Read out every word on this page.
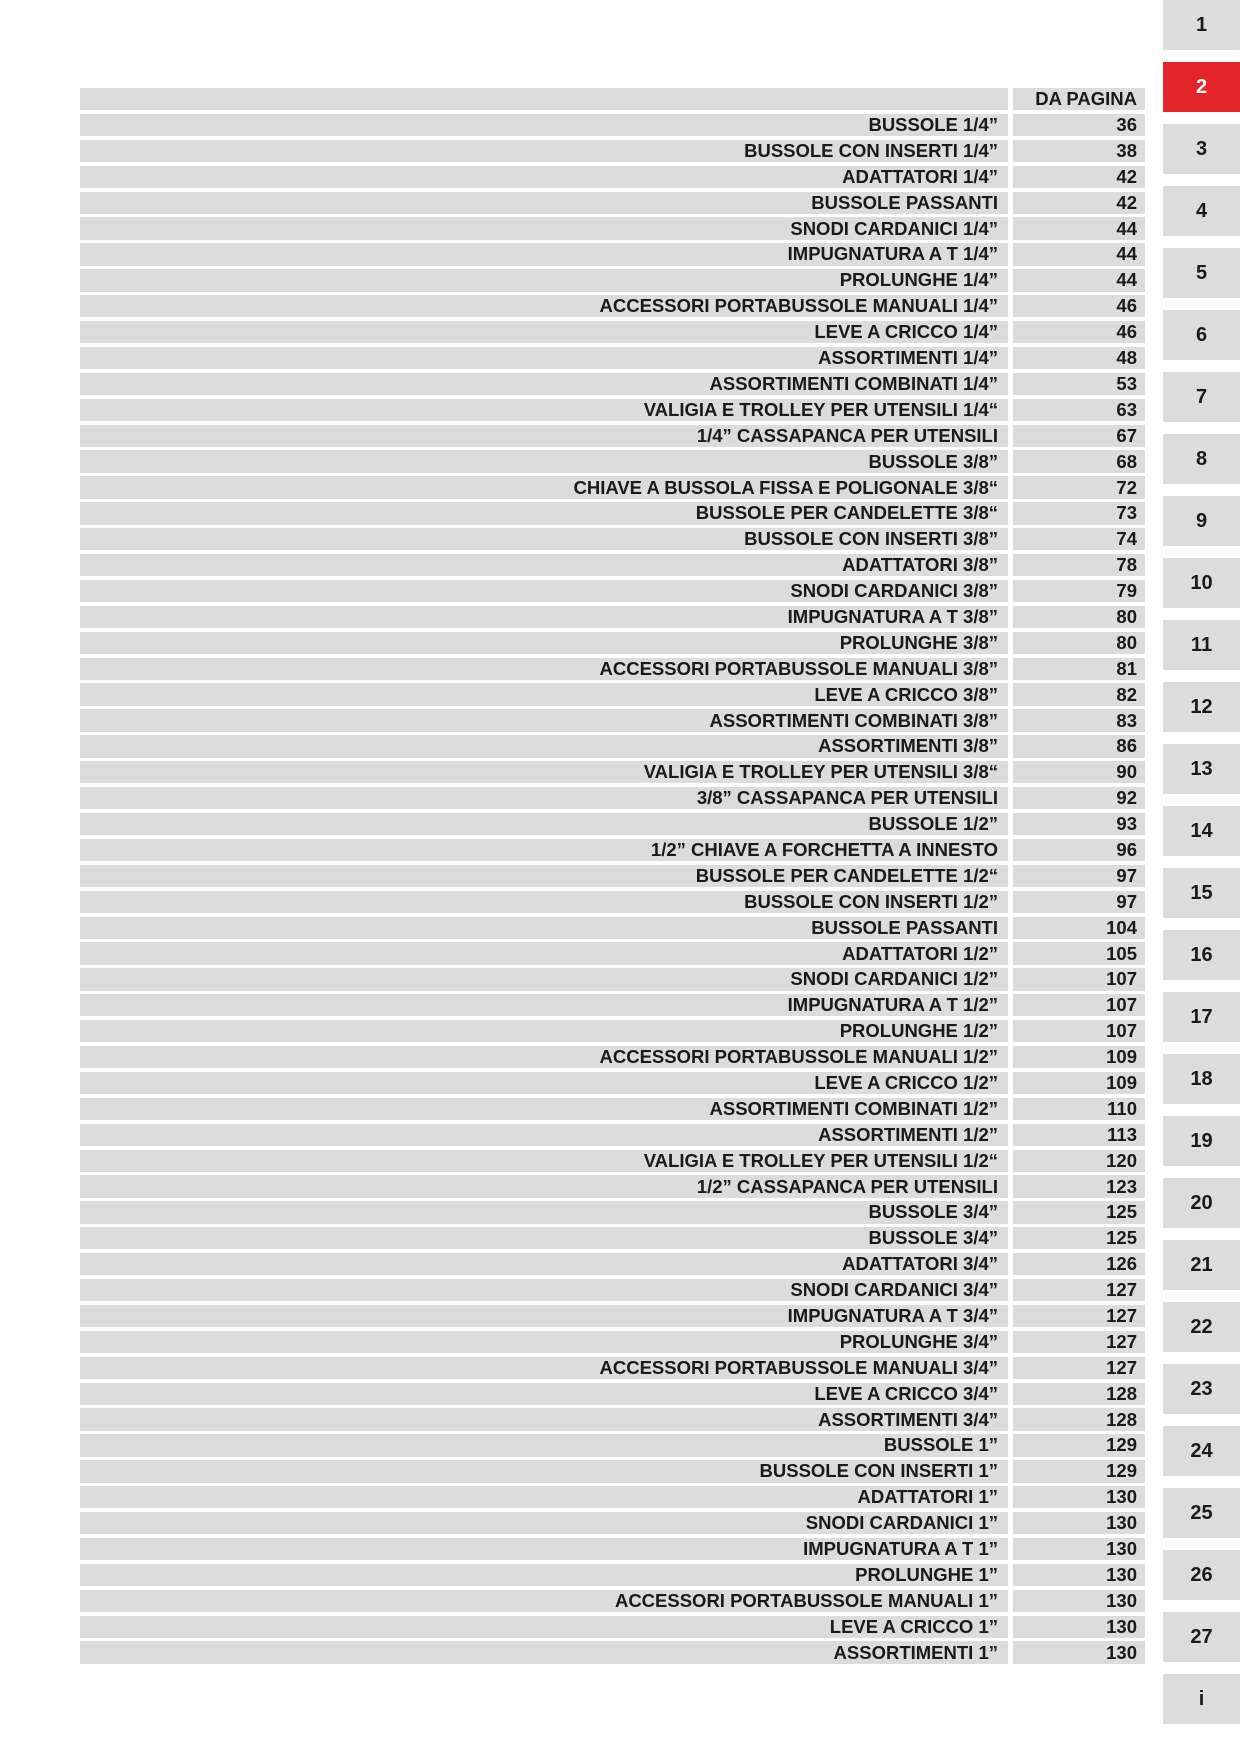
DA PAGINA
BUSSOLE 1/4”	36
BUSSOLE CON INSERTI 1/4”	38
ADATTATORI 1/4”	42
BUSSOLE PASSANTI	42
SNODI CARDANICI 1/4”	44
IMPUGNATURA A T 1/4”	44
PROLUNGHE 1/4”	44
ACCESSORI PORTABUSSOLE MANUALI 1/4”	46
LEVE A CRICCO 1/4”	46
ASSORTIMENTI 1/4”	48
ASSORTIMENTI COMBINATI 1/4”	53
VALIGIA E TROLLEY PER UTENSILI 1/4“	63
1/4” CASSAPANCA PER UTENSILI	67
BUSSOLE 3/8”	68
CHIAVE A BUSSOLA FISSA E POLIGONALE 3/8“	72
BUSSOLE PER CANDELETTE 3/8“	73
BUSSOLE CON INSERTI 3/8”	74
ADATTATORI 3/8”	78
SNODI CARDANICI 3/8”	79
IMPUGNATURA A T 3/8”	80
PROLUNGHE 3/8”	80
ACCESSORI PORTABUSSOLE MANUALI 3/8”	81
LEVE A CRICCO 3/8”	82
ASSORTIMENTI COMBINATI 3/8”	83
ASSORTIMENTI 3/8”	86
VALIGIA E TROLLEY PER UTENSILI 3/8“	90
3/8” CASSAPANCA PER UTENSILI	92
BUSSOLE 1/2”	93
1/2” CHIAVE A FORCHETTA A INNESTO	96
BUSSOLE PER CANDELETTE 1/2“	97
BUSSOLE CON INSERTI 1/2”	97
BUSSOLE PASSANTI	104
ADATTATORI 1/2”	105
SNODI CARDANICI 1/2”	107
IMPUGNATURA A T 1/2”	107
PROLUNGHE 1/2”	107
ACCESSORI PORTABUSSOLE MANUALI 1/2”	109
LEVE A CRICCO 1/2”	109
ASSORTIMENTI COMBINATI 1/2”	110
ASSORTIMENTI 1/2”	113
VALIGIA E TROLLEY PER UTENSILI 1/2“	120
1/2” CASSAPANCA PER UTENSILI	123
BUSSOLE 3/4”	125
BUSSOLE 3/4”	125
ADATTATORI 3/4”	126
SNODI CARDANICI 3/4”	127
IMPUGNATURA A T 3/4”	127
PROLUNGHE 3/4”	127
ACCESSORI PORTABUSSOLE MANUALI 3/4”	127
LEVE A CRICCO 3/4”	128
ASSORTIMENTI 3/4”	128
BUSSOLE 1”	129
BUSSOLE CON INSERTI 1”	129
ADATTATORI 1”	130
SNODI CARDANICI 1”	130
IMPUGNATURA A T 1”	130
PROLUNGHE 1”	130
ACCESSORI PORTABUSSOLE MANUALI 1”	130
LEVE A CRICCO 1”	130
ASSORTIMENTI 1”	130
1
2
3
4
5
6
7
8
9
10
11
12
13
14
15
16
17
18
19
20
21
22
23
24
25
26
27
i
